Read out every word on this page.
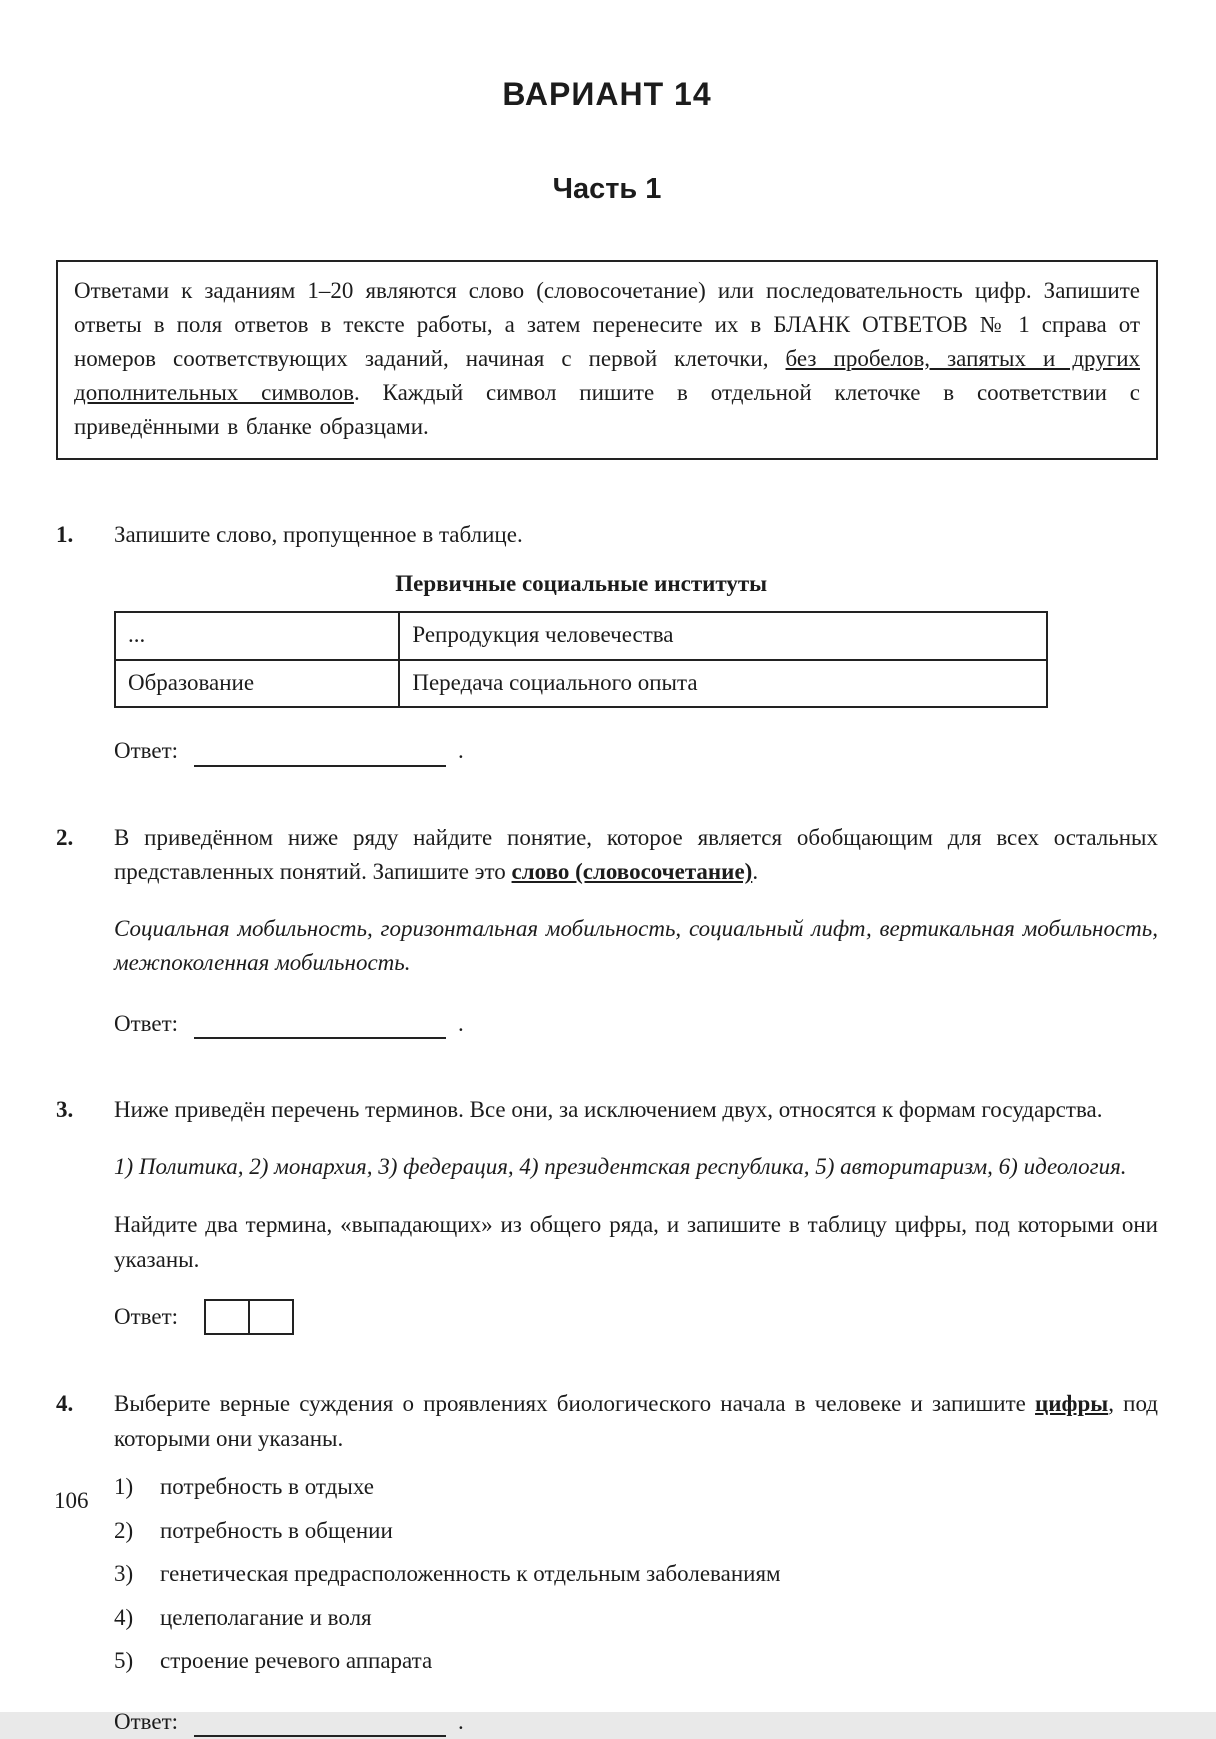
ВАРИАНТ 14
Часть 1
Ответами к заданиям 1–20 являются слово (словосочетание) или последовательность цифр. Запишите ответы в поля ответов в тексте работы, а затем перенесите их в БЛАНК ОТВЕТОВ № 1 справа от номеров соответствующих заданий, начиная с первой клеточки, без пробелов, запятых и других дополнительных символов. Каждый символ пишите в отдельной клеточке в соответствии с приведёнными в бланке образцами.
1.	Запишите слово, пропущенное в таблице.

Первичные социальные институты
...	Репродукция человечества
Образование	Передача социального опыта
Ответ:	.
2.	В приведённом ниже ряду найдите понятие, которое является обобщающим для всех остальных представленных понятий. Запишите это слово (словосочетание).

Социальная мобильность, горизонтальная мобильность, социальный лифт, вертикальная мобильность, межпоколенная мобильность.

Ответ:	.
3.	Ниже приведён перечень терминов. Все они, за исключением двух, относятся к формам государства.

1) Политика, 2) монархия, 3) федерация, 4) президентская республика, 5) авторитаризм, 6) идеология.

Найдите два термина, «выпадающих» из общего ряда, и запишите в таблицу цифры, под которыми они указаны.

Ответ:
4.	Выберите верные суждения о проявлениях биологического начала в человеке и запишите цифры, под которыми они указаны.

1)	потребность в отдыхе
2)	потребность в общении
3)	генетическая предрасположенность к отдельным заболеваниям
4)	целеполагание и воля
5)	строение речевого аппарата
Ответ:	.
106
